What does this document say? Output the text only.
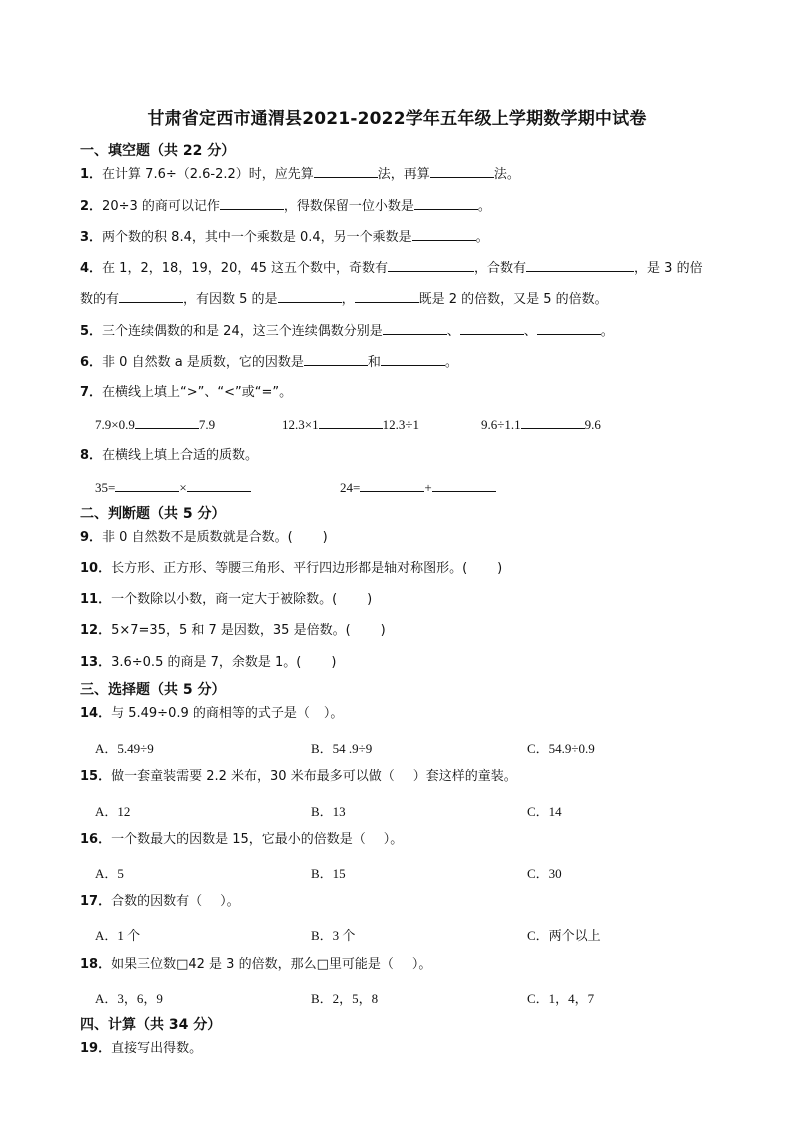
甘肃省定西市通渭县2021-2022学年五年级上学期数学期中试卷
一、填空题（共 22 分）
1．在计算 7.6÷（2.6-2.2）时，应先算	法，再算	法。
2．20÷3 的商可以记作	，得数保留一位小数是	。
3．两个数的积 8.4，其中一个乘数是 0.4，另一个乘数是	。
4．在 1，2，18，19，20，45 这五个数中，奇数有	，合数有	，是 3 的倍
数的有	，有因数 5 的是	，	既是 2 的倍数，又是 5 的倍数。
5．三个连续偶数的和是 24，这三个连续偶数分别是	、	、	。
6．非 0 自然数 a 是质数，它的因数是	和	。
7．在横线上填上“>”、“<”或“=”。
7.9×0.9	7.9	12.3×1	12.3÷1	9.6÷1.1	9.6
8．在横线上填上合适的质数。
35=	×	24=	+
二、判断题（共 5 分）
9．非 0 自然数不是质数就是合数。( )
10．长方形、正方形、等腰三角形、平行四边形都是轴对称图形。( )
11．一个数除以小数，商一定大于被除数。( )
12．5×7=35，5 和 7 是因数，35 是倍数。( )
13．3.6÷0.5 的商是 7，余数是 1。( )
三、选择题（共 5 分）
14．与 5.49÷0.9 的商相等的式子是（ ）。
A．5.49÷9	B．54 .9÷9	C．54.9÷0.9
15．做一套童装需要 2.2 米布，30 米布最多可以做（ ）套这样的童装。
A．12	B．13	C．14
16．一个数最大的因数是 15，它最小的倍数是（ ）。
A．5	B．15	C．30
17．合数的因数有（ ）。
A．1 个	B．3 个	C．两个以上
18．如果三位数□42 是 3 的倍数，那么□里可能是（ ）。
A．3，6，9	B．2，5，8	C．1，4，7
四、计算（共 34 分）
19．直接写出得数。
